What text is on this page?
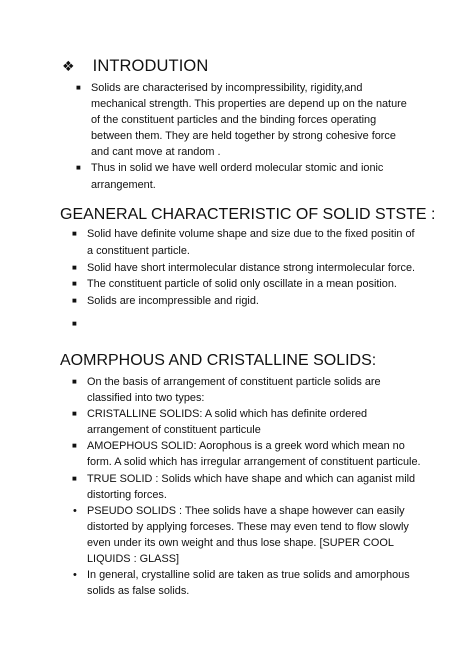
❖ INTRODUTION
■ Solids are characterised by incompressibility, rigidity,and mechanical strength. This properties are depend up on the nature of the constituent particles and the binding forces operating between them. They are held together by strong cohesive force and cant move at random .
■ Thus in solid we have well orderd molecular stomic and ionic arrangement.
GEANERAL CHARACTERISTIC OF SOLID STSTE :
■ Solid have definite volume shape and size due to the fixed positin of a constituent particle.
■ Solid have short intermolecular distance strong intermolecular force.
■ The constituent particle of solid only oscillate in a mean position.
■ Solids are incompressible and rigid.
■

AOMRPHOUS AND CRISTALLINE SOLIDS:
■ On the basis of arrangement of constituent particle solids are classified into two types:
■ CRISTALLINE SOLIDS: A solid which has definite ordered arrangement of constituent particule
■ AMOEPHOUS SOLID: Aorophous is a greek word which mean no form. A solid which has irregular arrangement of constituent particule.
■ TRUE SOLID : Solids which have shape and which can aganist mild distorting forces.
• PSEUDO SOLIDS : Thee solids have a shape however can easily distorted by applying forceses. These may even tend to flow slowly even under its own weight and thus lose shape. [SUPER COOL LIQUIDS : GLASS]
• In general, crystalline solid are taken as true solids and amorphous solids as false solids.
